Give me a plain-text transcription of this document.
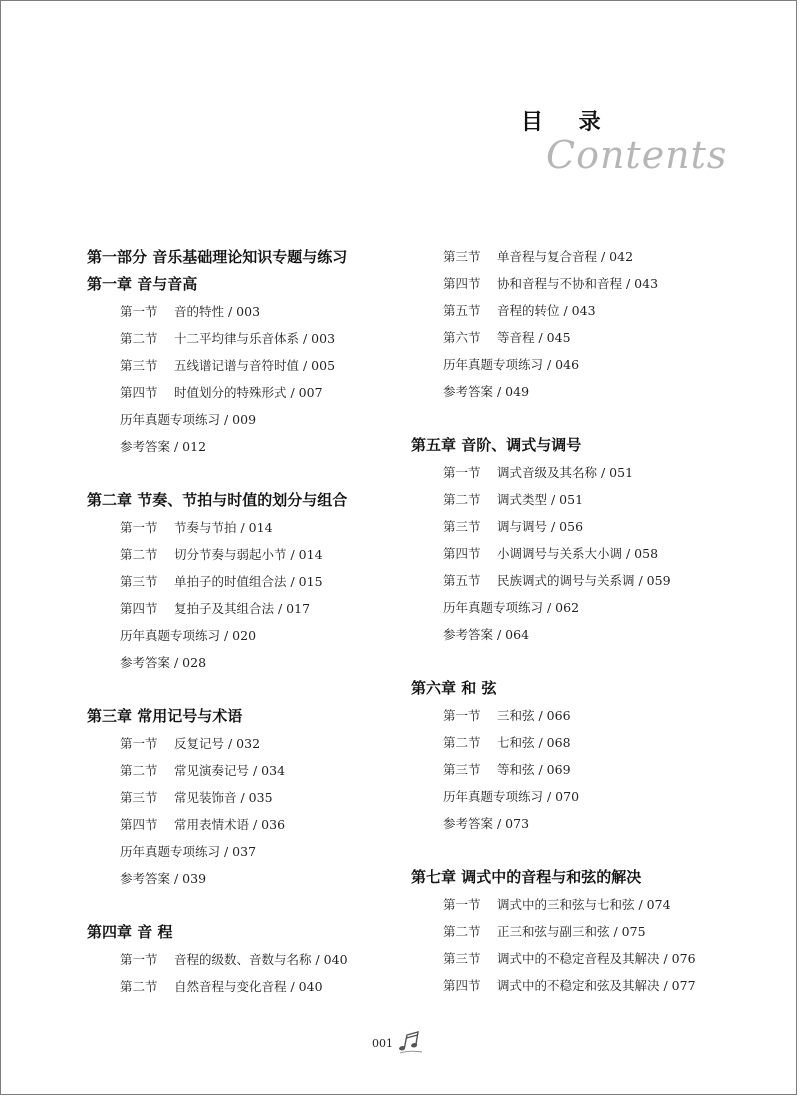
目 录
Contents
第一部分 音乐基础理论知识专题与练习
第一章 音与音高
第一节 音的特性 / 003
第二节 十二平均律与乐音体系 / 003
第三节 五线谱记谱与音符时值 / 005
第四节 时值划分的特殊形式 / 007
历年真题专项练习 / 009
参考答案 / 012
第二章 节奏、节拍与时值的划分与组合
第一节 节奏与节拍 / 014
第二节 切分节奏与弱起小节 / 014
第三节 单拍子的时值组合法 / 015
第四节 复拍子及其组合法 / 017
历年真题专项练习 / 020
参考答案 / 028
第三章 常用记号与术语
第一节 反复记号 / 032
第二节 常见演奏记号 / 034
第三节 常见装饰音 / 035
第四节 常用表情术语 / 036
历年真题专项练习 / 037
参考答案 / 039
第四章 音 程
第一节 音程的级数、音数与名称 / 040
第二节 自然音程与变化音程 / 040
第三节 单音程与复合音程 / 042
第四节 协和音程与不协和音程 / 043
第五节 音程的转位 / 043
第六节 等音程 / 045
历年真题专项练习 / 046
参考答案 / 049
第五章 音阶、调式与调号
第一节 调式音级及其名称 / 051
第二节 调式类型 / 051
第三节 调与调号 / 056
第四节 小调调号与关系大小调 / 058
第五节 民族调式的调号与关系调 / 059
历年真题专项练习 / 062
参考答案 / 064
第六章 和 弦
第一节 三和弦 / 066
第二节 七和弦 / 068
第三节 等和弦 / 069
历年真题专项练习 / 070
参考答案 / 073
第七章 调式中的音程与和弦的解决
第一节 调式中的三和弦与七和弦 / 074
第二节 正三和弦与副三和弦 / 075
第三节 调式中的不稳定音程及其解决 / 076
第四节 调式中的不稳定和弦及其解决 / 077
001
